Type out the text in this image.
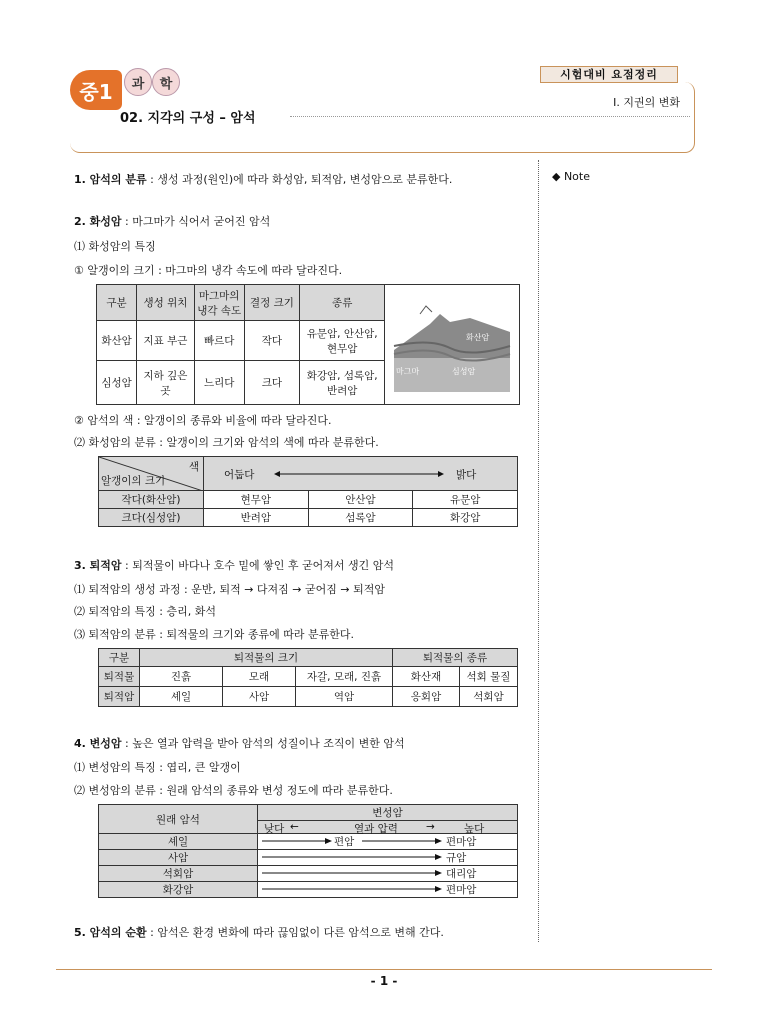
중1	과	학
시험대비 요점정리
Ⅰ. 지권의 변화
02. 지각의 구성 – 암석
◆ Note
1. 암석의 분류 : 생성 과정(원인)에 따라 화성암, 퇴적암, 변성암으로 분류한다.
2. 화성암 : 마그마가 식어서 굳어진 암석
⑴ 화성암의 특징
① 알갱이의 크기 : 마그마의 냉각 속도에 따라 달라진다.
구분	생성 위치	마그마의 냉각 속도	결정 크기	종류	화산암
마그마 심성암

화산암	지표 부근	빠르다	작다	유문암, 안산암, 현무암	
심성암	지하 깊은 곳	느리다	크다	화강암, 섬록암, 반려암	
② 암석의 색 : 알갱이의 종류와 비율에 따라 달라진다.
⑵ 화성암의 분류 : 알갱이의 크기와 암석의 색에 따라 분류한다.
색
알갱이의 크기	어둡다 밝다		

작다(화산암)	현무암	안산암	유문암
크다(심성암)	반려암	섬록암	화강암
3. 퇴적암 : 퇴적물이 바다나 호수 밑에 쌓인 후 굳어져서 생긴 암석
⑴ 퇴적암의 생성 과정 : 운반, 퇴적 → 다져짐 → 굳어짐 → 퇴적암
⑵ 퇴적암의 특징 : 층리, 화석
⑶ 퇴적암의 분류 : 퇴적물의 크기와 종류에 따라 분류한다.
구분	퇴적물의 크기			퇴적물의 종류	
퇴적물	진흙	모래	자갈, 모래, 진흙	화산재	석회 물질
퇴적암	셰일	사암	역암	응회암	석회암
4. 변성암 : 높은 열과 압력을 받아 암석의 성질이나 조직이 변한 암석
⑴ 변성암의 특징 : 엽리, 큰 알갱이
⑵ 변성암의 분류 : 원래 암석의 종류와 변성 정도에 따라 분류한다.
원래 암석	변성암

	낮다 ← 열과 압력 → 높다

셰일	편암 편마암

사암	규암

석회암	대리암

화강암	편마암
5. 암석의 순환 : 암석은 환경 변화에 따라 끊임없이 다른 암석으로 변해 간다.
- 1 -
